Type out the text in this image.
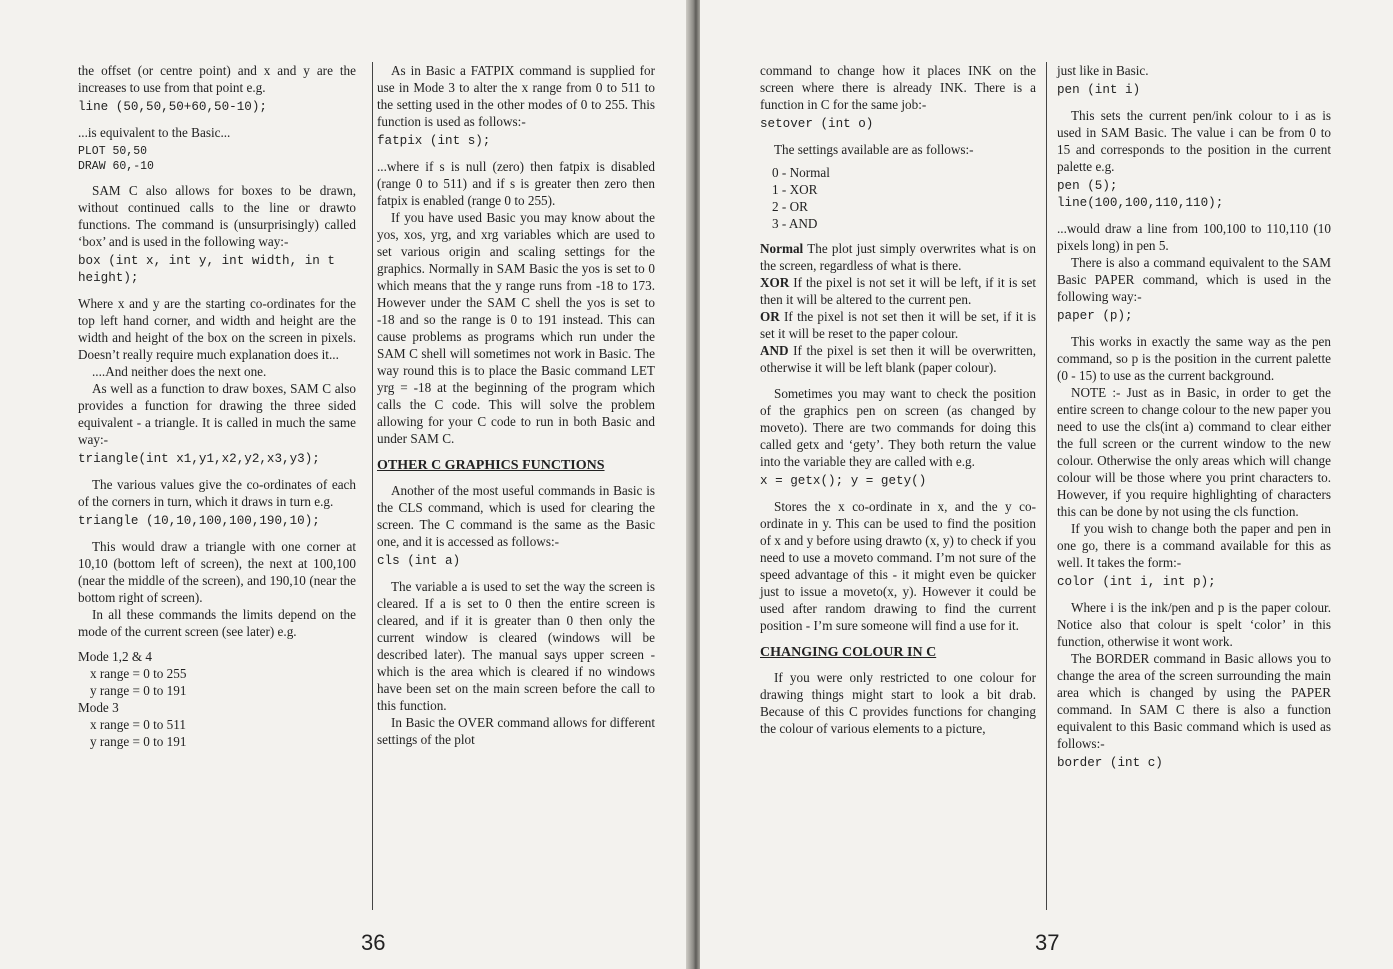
the offset (or centre point) and x and y are the increases to use from that point e.g.

line (50,50,50+60,50-10);

...is equivalent to the Basic...

PLOT 50,50
DRAW 60,-10

SAM C also allows for boxes to be drawn, without continued calls to the line or drawto functions. The command is (unsurprisingly) called ‘box’ and is used in the following way:-

box (int x, int y, int width, in t height);

Where x and y are the starting co-ordinates for the top left hand corner, and width and height are the width and height of the box on the screen in pixels. Doesn’t really require much explanation does it...

....And neither does the next one.

As well as a function to draw boxes, SAM C also provides a function for drawing the three sided equivalent - a triangle. It is called in much the same way:-

triangle(int x1,y1,x2,y2,x3,y3);

The various values give the co-ordinates of each of the corners in turn, which it draws in turn e.g.

triangle (10,10,100,100,190,10);

This would draw a triangle with one corner at 10,10 (bottom left of screen), the next at 100,100 (near the middle of the screen), and 190,10 (near the bottom right of screen).

In all these commands the limits depend on the mode of the current screen (see later) e.g.

Mode 1,2 & 4
x range = 0 to 255
y range = 0 to 191
Mode 3
x range = 0 to 511
y range = 0 to 191

As in Basic a FATPIX command is supplied for use in Mode 3 to alter the x range from 0 to 511 to the setting used in the other modes of 0 to 255. This function is used as follows:-

fatpix (int s);

...where if s is null (zero) then fatpix is disabled (range 0 to 511) and if s is greater then zero then fatpix is enabled (range 0 to 255).

If you have used Basic you may know about the yos, xos, yrg, and xrg variables which are used to set various origin and scaling settings for the graphics. Normally in SAM Basic the yos is set to 0 which means that the y range runs from -18 to 173. However under the SAM C shell the yos is set to -18 and so the range is 0 to 191 instead. This can cause problems as programs which run under the SAM C shell will sometimes not work in Basic. The way round this is to place the Basic command LET yrg = -18 at the beginning of the program which calls the C code. This will solve the problem allowing for your C code to run in both Basic and under SAM C.

OTHER C GRAPHICS FUNCTIONS

Another of the most useful commands in Basic is the CLS command, which is used for clearing the screen. The C command is the same as the Basic one, and it is accessed as follows:-

cls (int a)

The variable a is used to set the way the screen is cleared. If a is set to 0 then the entire screen is cleared, and if it is greater than 0 then only the current window is cleared (windows will be described later). The manual says upper screen - which is the area which is cleared if no windows have been set on the main screen before the call to this function.

In Basic the OVER command allows for different settings of the plot

36

command to change how it places INK on the screen where there is already INK. There is a function in C for the same job:-

setover (int o)

The settings available are as follows:-

0 - Normal
1 - XOR
2 - OR
3 - AND

Normal The plot just simply overwrites what is on the screen, regardless of what is there.

XOR If the pixel is not set it will be left, if it is set then it will be altered to the current pen.

OR If the pixel is not set then it will be set, if it is set it will be reset to the paper colour.

AND If the pixel is set then it will be overwritten, otherwise it will be left blank (paper colour).

Sometimes you may want to check the position of the graphics pen on screen (as changed by moveto). There are two commands for doing this called getx and ‘gety’. They both return the value into the variable they are called with e.g.

x = getx(); y = gety()

Stores the x co-ordinate in x, and the y co-ordinate in y. This can be used to find the position of x and y before using drawto (x, y) to check if you need to use a moveto command. I’m not sure of the speed advantage of this - it might even be quicker just to issue a moveto(x, y). However it could be used after random drawing to find the current position - I’m sure someone will find a use for it.

CHANGING COLOUR IN C

If you were only restricted to one colour for drawing things might start to look a bit drab. Because of this C provides functions for changing the colour of various elements to a picture,

just like in Basic.

pen (int i)

This sets the current pen/ink colour to i as is used in SAM Basic. The value i can be from 0 to 15 and corresponds to the position in the current palette e.g.

pen (5);
line(100,100,110,110);

...would draw a line from 100,100 to 110,110 (10 pixels long) in pen 5.

There is also a command equivalent to the SAM Basic PAPER command, which is used in the following way:-

paper (p);

This works in exactly the same way as the pen command, so p is the position in the current palette (0 - 15) to use as the current background.

NOTE :- Just as in Basic, in order to get the entire screen to change colour to the new paper you need to use the cls(int a) command to clear either the full screen or the current window to the new colour. Otherwise the only areas which will change colour will be those where you print characters to. However, if you require highlighting of characters this can be done by not using the cls function.

If you wish to change both the paper and pen in one go, there is a command available for this as well. It takes the form:-

color (int i, int p);

Where i is the ink/pen and p is the paper colour. Notice also that colour is spelt ‘color’ in this function, otherwise it wont work.

The BORDER command in Basic allows you to change the area of the screen surrounding the main area which is changed by using the PAPER command. In SAM C there is also a function equivalent to this Basic command which is used as follows:-

border (int c)
37
